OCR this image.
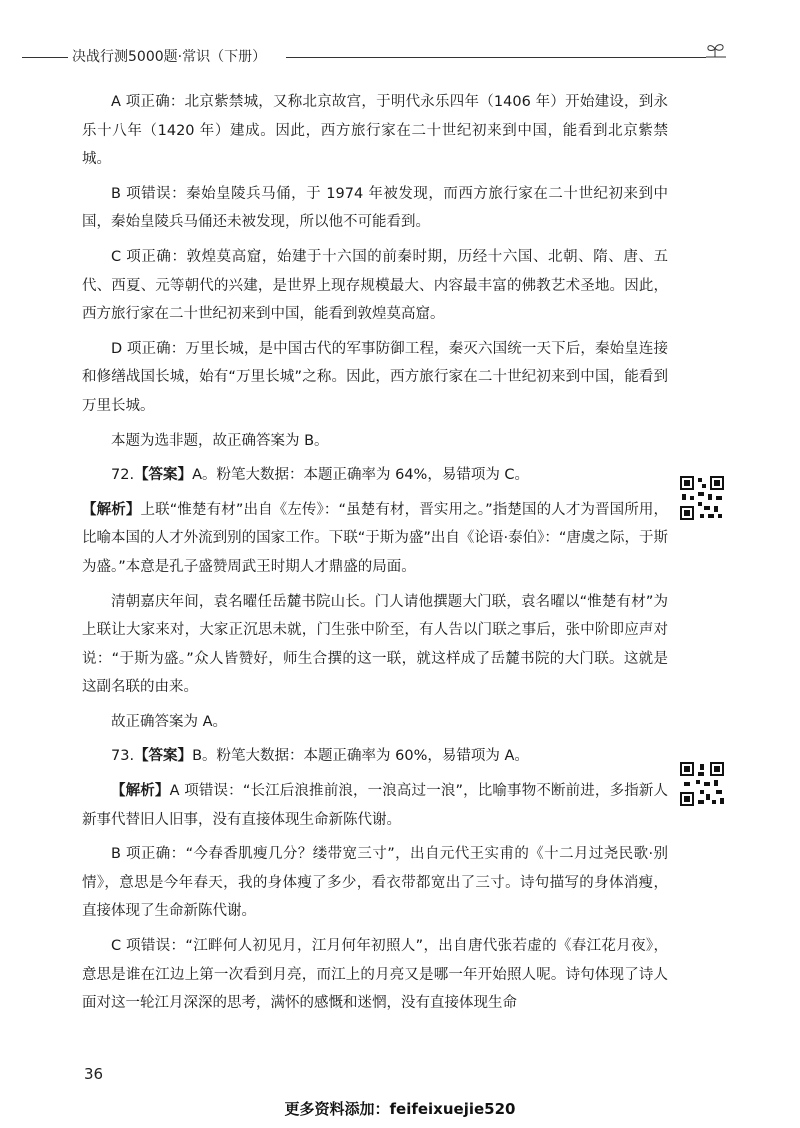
决战行测5000题·常识（下册）

A 项正确：北京紫禁城，又称北京故宫，于明代永乐四年（1406 年）开始建设，到永乐十八年（1420 年）建成。因此，西方旅行家在二十世纪初来到中国，能看到北京紫禁城。

B 项错误：秦始皇陵兵马俑，于 1974 年被发现，而西方旅行家在二十世纪初来到中国，秦始皇陵兵马俑还未被发现，所以他不可能看到。

C 项正确：敦煌莫高窟，始建于十六国的前秦时期，历经十六国、北朝、隋、唐、五代、西夏、元等朝代的兴建，是世界上现存规模最大、内容最丰富的佛教艺术圣地。因此，西方旅行家在二十世纪初来到中国，能看到敦煌莫高窟。

D 项正确：万里长城，是中国古代的军事防御工程，秦灭六国统一天下后，秦始皇连接和修缮战国长城，始有“万里长城”之称。因此，西方旅行家在二十世纪初来到中国，能看到万里长城。

本题为选非题，故正确答案为 B。

72.【答案】A。粉笔大数据：本题正确率为 64%，易错项为 C。

【解析】上联“惟楚有材”出自《左传》：“虽楚有材，晋实用之。”指楚国的人才为晋国所用，比喻本国的人才外流到别的国家工作。下联“于斯为盛”出自《论语·泰伯》：“唐虞之际，于斯为盛。”本意是孔子盛赞周武王时期人才鼎盛的局面。

清朝嘉庆年间，袁名曜任岳麓书院山长。门人请他撰题大门联，袁名曜以“惟楚有材”为上联让大家来对，大家正沉思未就，门生张中阶至，有人告以门联之事后，张中阶即应声对说：“于斯为盛。”众人皆赞好，师生合撰的这一联，就这样成了岳麓书院的大门联。这就是这副名联的由来。

故正确答案为 A。

73.【答案】B。粉笔大数据：本题正确率为 60%，易错项为 A。

【解析】A 项错误：“长江后浪推前浪，一浪高过一浪”，比喻事物不断前进，多指新人新事代替旧人旧事，没有直接体现生命新陈代谢。

B 项正确：“今春香肌瘦几分？缕带宽三寸”，出自元代王实甫的《十二月过尧民歌·别情》，意思是今年春天，我的身体瘦了多少，看衣带都宽出了三寸。诗句描写的身体消瘦，直接体现了生命新陈代谢。

C 项错误：“江畔何人初见月，江月何年初照人”，出自唐代张若虚的《春江花月夜》，意思是谁在江边上第一次看到月亮，而江上的月亮又是哪一年开始照人呢。诗句体现了诗人面对这一轮江月深深的思考，满怀的感慨和迷惘，没有直接体现生命

36
更多资料添加：feifeixuejie520
